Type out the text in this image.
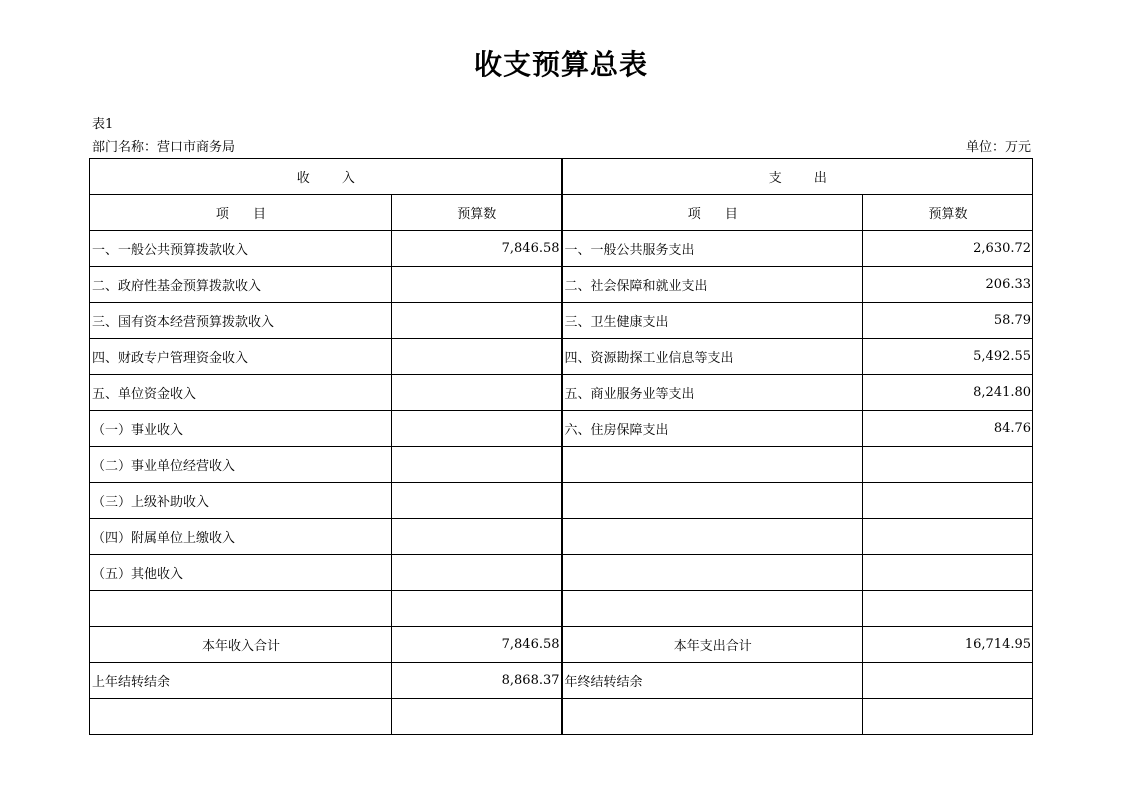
收支预算总表
表1
部门名称：营口市商务局	单位：万元
收 入		支 出	
项 目	预算数	项 目	预算数
一、一般公共预算拨款收入	7,846.58	一、一般公共服务支出	2,630.72
二、政府性基金预算拨款收入		二、社会保障和就业支出	206.33
三、国有资本经营预算拨款收入		三、卫生健康支出	58.79
四、财政专户管理资金收入		四、资源勘探工业信息等支出	5,492.55
五、单位资金收入		五、商业服务业等支出	8,241.80
（一）事业收入		六、住房保障支出	84.76
（二）事业单位经营收入			
（三）上级补助收入			
（四）附属单位上缴收入			
（五）其他收入			

本年收入合计	7,846.58	本年支出合计	16,714.95
上年结转结余	8,868.37	年终结转结余	
